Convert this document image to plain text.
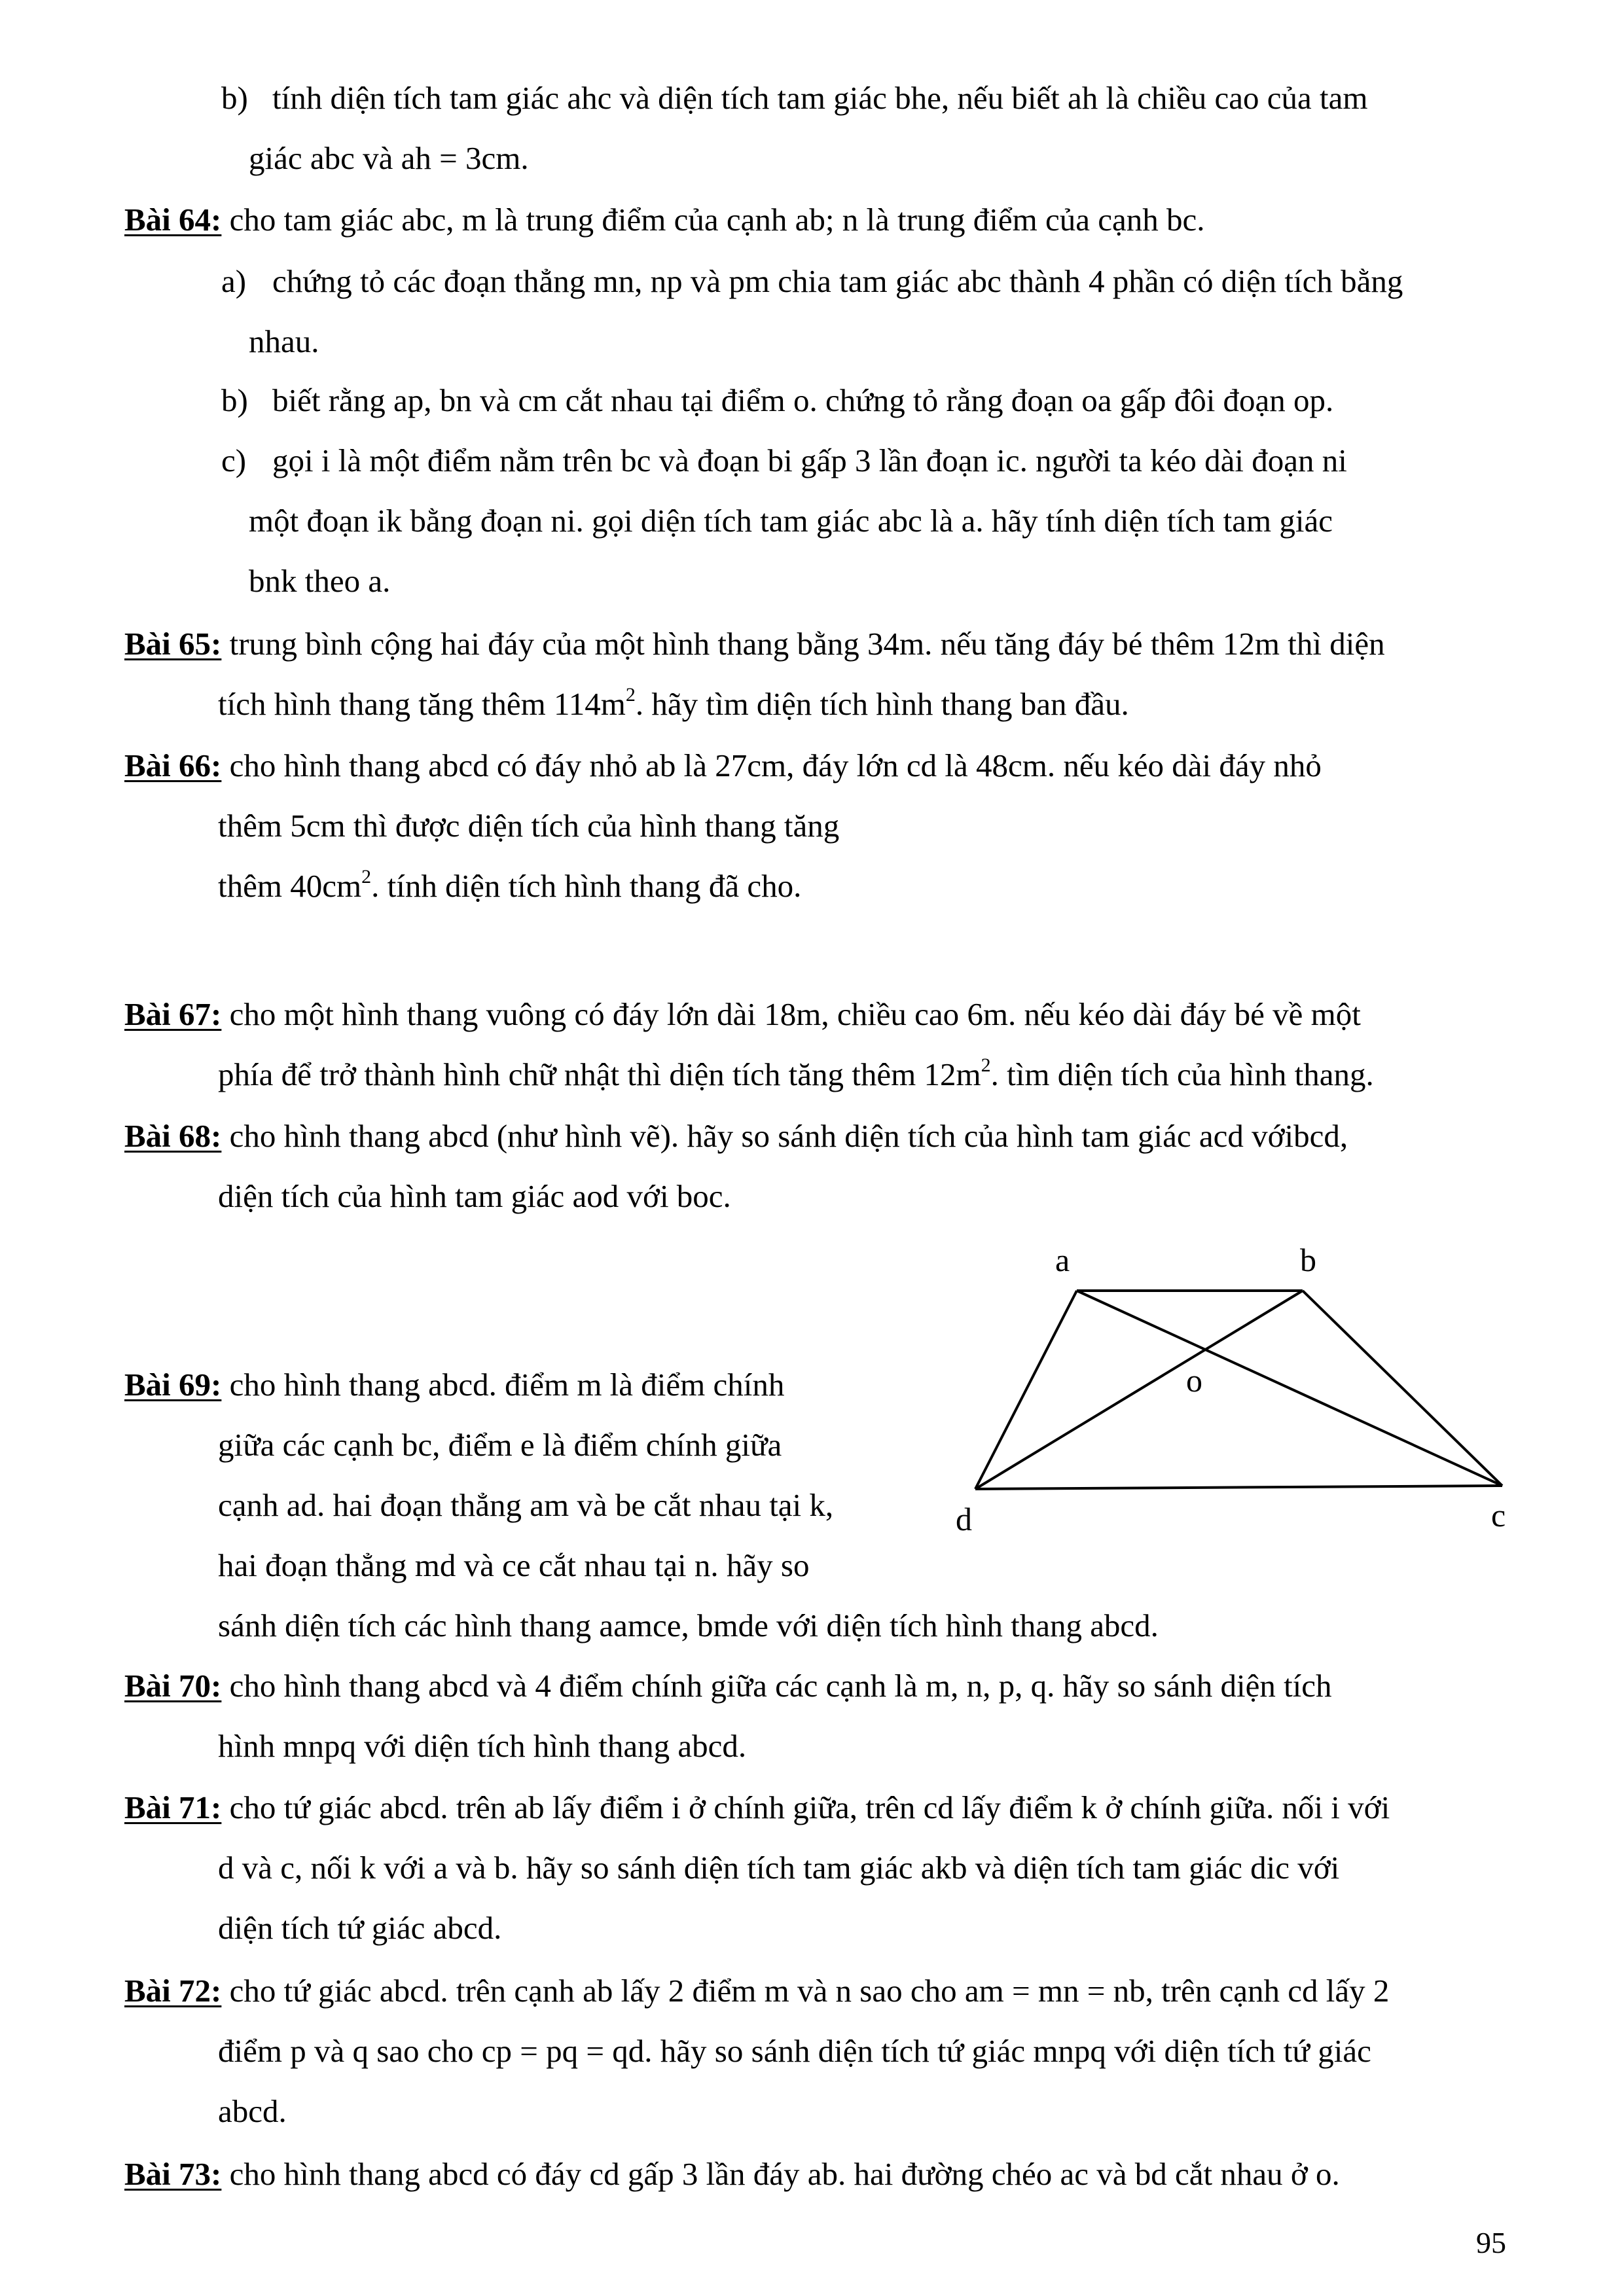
b) tính diện tích tam giác ahc và diện tích tam giác bhe, nếu biết ah là chiều cao của tam
giác abc và ah = 3cm.
Bài 64: cho tam giác abc, m là trung điểm của cạnh ab; n là trung điểm của cạnh bc.
a) chứng tỏ các đoạn thẳng mn, np và pm chia tam giác abc thành 4 phần có diện tích bằng
nhau.
b) biết rằng ap, bn và cm cắt nhau tại điểm o. chứng tỏ rằng đoạn oa gấp đôi đoạn op.
c) gọi i là một điểm nằm trên bc và đoạn bi gấp 3 lần đoạn ic. người ta kéo dài đoạn ni
một đoạn ik bằng đoạn ni. gọi diện tích tam giác abc là a. hãy tính diện tích tam giác
bnk theo a.
Bài 65: trung bình cộng hai đáy của một hình thang bằng 34m. nếu tăng đáy bé thêm 12m thì diện
tích hình thang tăng thêm $114m^2$. hãy tìm diện tích hình thang ban đầu.
Bài 66: cho hình thang abcd có đáy nhỏ ab là 27cm, đáy lớn cd là 48cm. nếu kéo dài đáy nhỏ
thêm 5cm thì được diện tích của hình thang tăng
thêm $40cm^2$. tính diện tích hình thang đã cho.
Bài 67: cho một hình thang vuông có đáy lớn dài 18m, chiều cao 6m. nếu kéo dài đáy bé về một
phía để trở thành hình chữ nhật thì diện tích tăng thêm $12m^2$. tìm diện tích của hình thang.
Bài 68: cho hình thang abcd (như hình vẽ). hãy so sánh diện tích của hình tam giác acd vớibcd,
diện tích của hình tam giác aod với boc.
a	b
o
d	c
Bài 69: cho hình thang abcd. điểm m là điểm chính
giữa các cạnh bc, điểm e là điểm chính giữa
cạnh ad. hai đoạn thẳng am và be cắt nhau tại k,
hai đoạn thẳng md và ce cắt nhau tại n. hãy so
sánh diện tích các hình thang aamce, bmde với diện tích hình thang abcd.
Bài 70: cho hình thang abcd và 4 điểm chính giữa các cạnh là m, n, p, q. hãy so sánh diện tích
hình mnpq với diện tích hình thang abcd.
Bài 71: cho tứ giác abcd. trên ab lấy điểm i ở chính giữa, trên cd lấy điểm k ở chính giữa. nối i với
d và c, nối k với a và b. hãy so sánh diện tích tam giác akb và diện tích tam giác dic với
diện tích tứ giác abcd.
Bài 72: cho tứ giác abcd. trên cạnh ab lấy 2 điểm m và n sao cho am = mn = nb, trên cạnh cd lấy 2
điểm p và q sao cho cp = pq = qd. hãy so sánh diện tích tứ giác mnpq với diện tích tứ giác
abcd.
Bài 73: cho hình thang abcd có đáy cd gấp 3 lần đáy ab. hai đường chéo ac và bd cắt nhau ở o.
95
